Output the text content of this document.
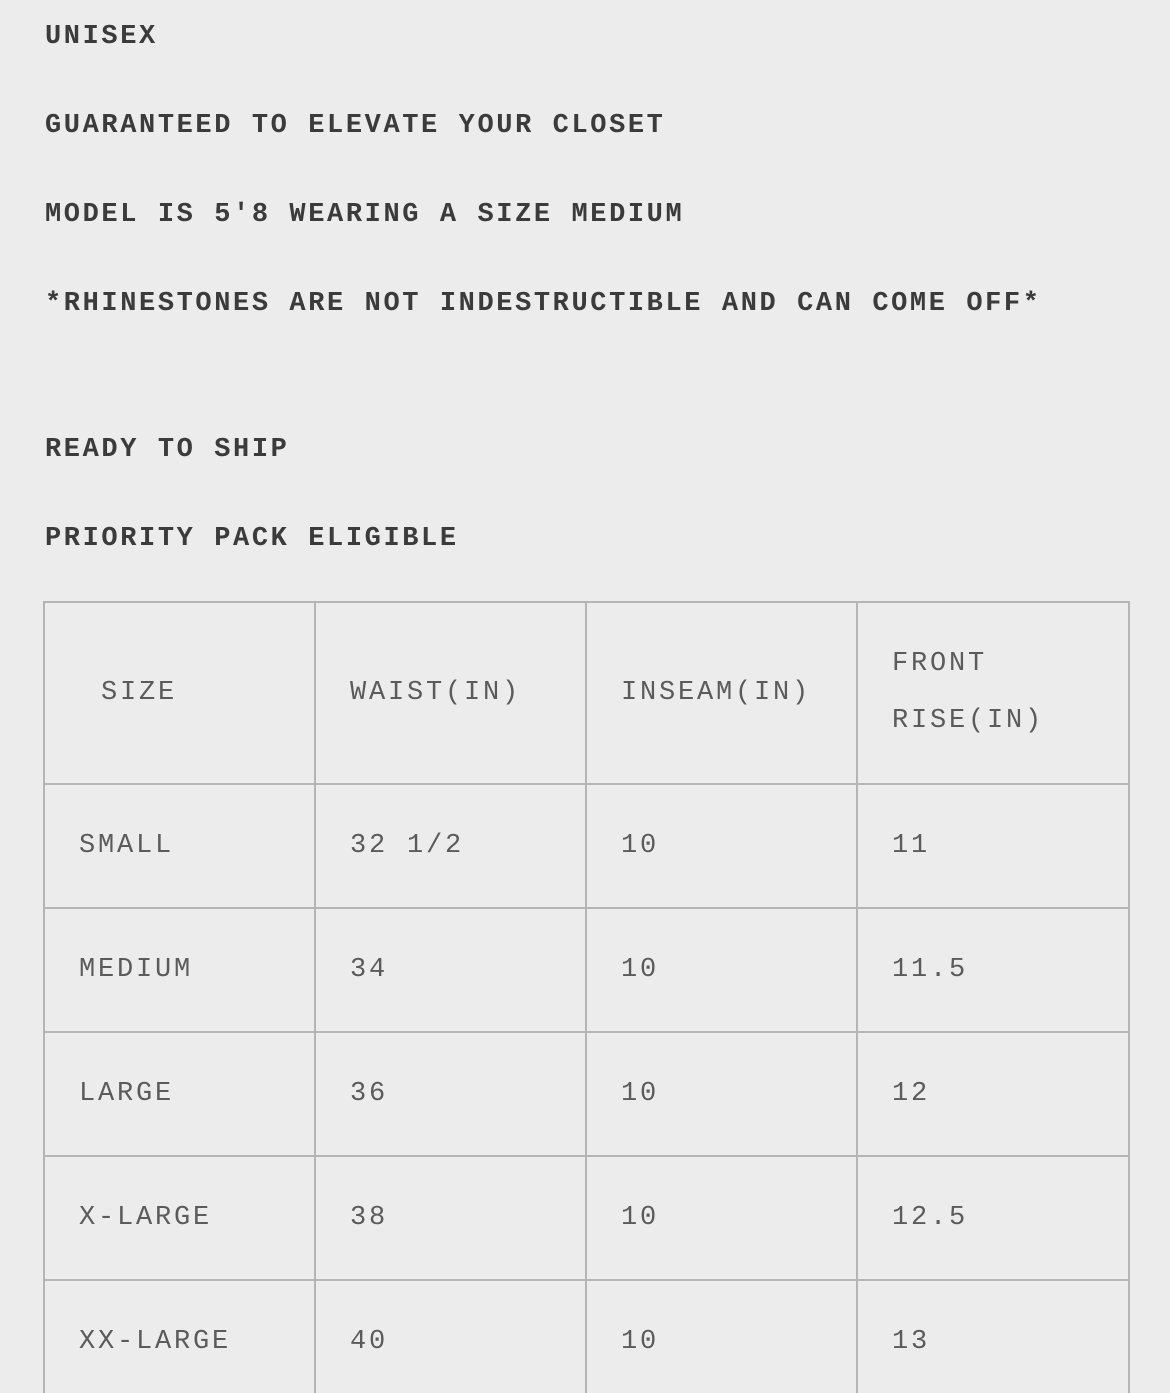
UNISEX
GUARANTEED TO ELEVATE YOUR CLOSET
MODEL IS 5'8 WEARING A SIZE MEDIUM
*RHINESTONES ARE NOT INDESTRUCTIBLE AND CAN COME OFF*
READY TO SHIP
PRIORITY PACK ELIGIBLE
SIZE	WAIST(IN)	INSEAM(IN)	FRONT RISE(IN)

SMALL	32 1/2	10	11
MEDIUM	34	10	11.5
LARGE	36	10	12
X-LARGE	38	10	12.5
XX-LARGE	40	10	13
